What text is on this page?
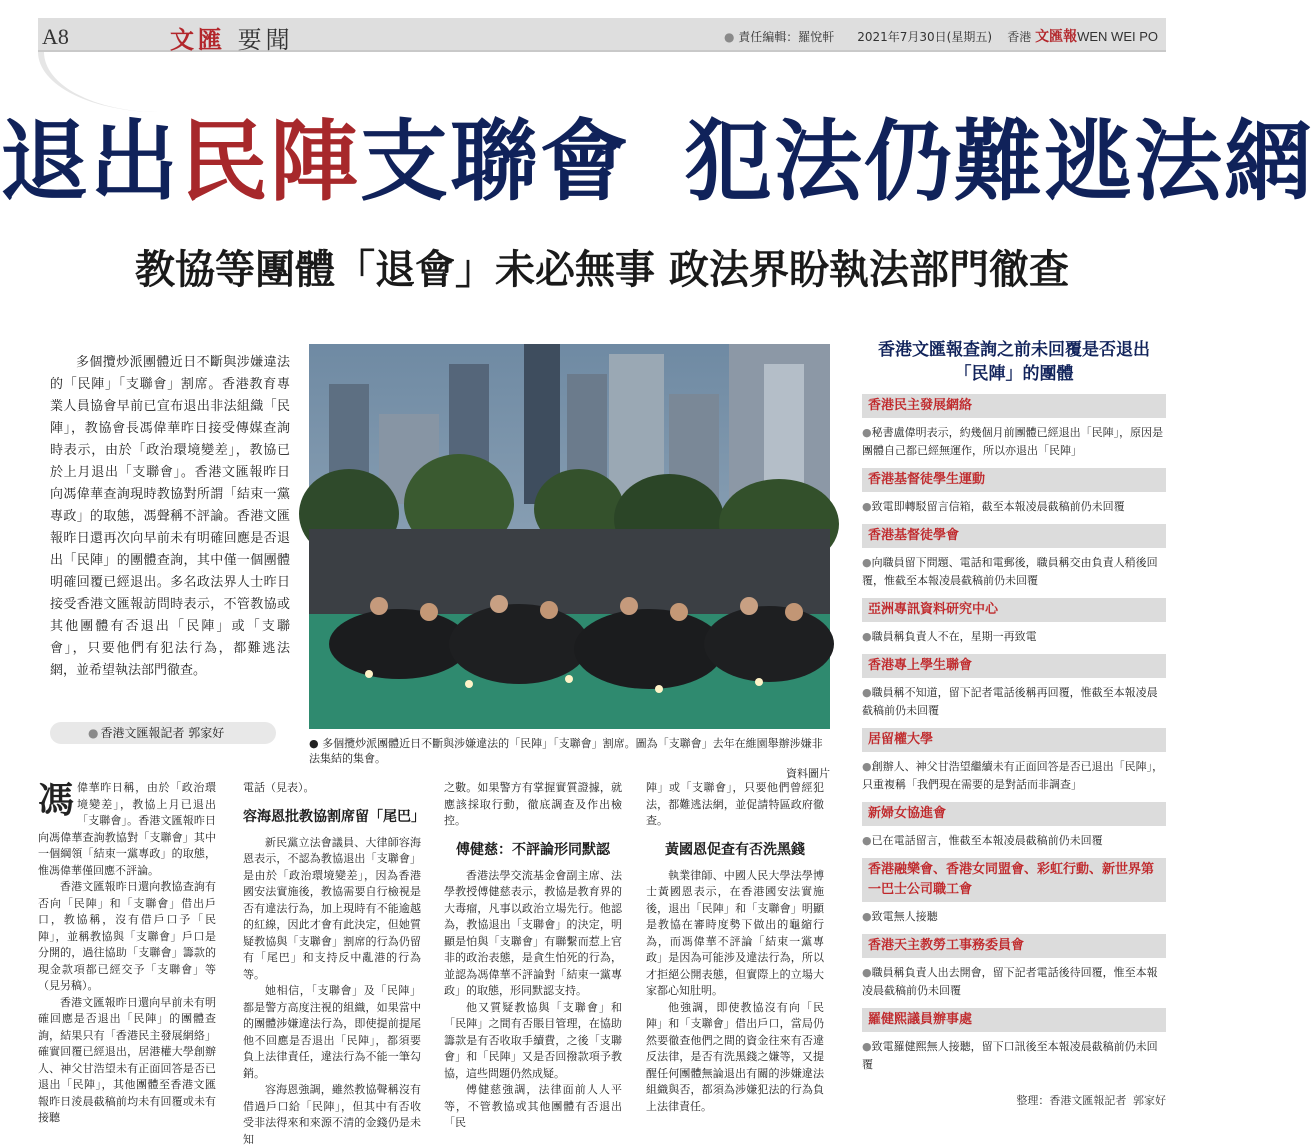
A8	文匯 要聞	● 責任編輯：羅悅軒 2021年7月30日(星期五) 香港 文匯報WEN WEI PO
退出民陣支聯會 犯法仍難逃法網
教協等團體「退會」未必無事 政法界盼執法部門徹查
多個攬炒派團體近日不斷與涉嫌違法的「民陣」「支聯會」割席。香港教育專業人員協會早前已宣布退出非法組織「民陣」，教協會長馮偉華昨日接受傳媒查詢時表示，由於「政治環境變差」，教協已於上月退出「支聯會」。香港文匯報昨日向馮偉華查詢現時教協對所謂「結束一黨專政」的取態，馮聲稱不評論。香港文匯報昨日還再次向早前未有明確回應是否退出「民陣」的團體查詢，其中僅一個團體明確回覆已經退出。多名政法界人士昨日接受香港文匯報訪問時表示，不管教協或其他團體有否退出「民陣」或「支聯會」，只要他們有犯法行為，都難逃法網，並希望執法部門徹查。
● 香港文匯報記者 郭家好
● 多個攬炒派團體近日不斷與涉嫌違法的「民陣」「支聯會」割席。圖為「支聯會」去年在維園舉辦涉嫌非法集結的集會。
資料圖片
香港文匯報查詢之前未回覆是否退出「民陣」的團體
香港民主發展網絡
●秘書盧偉明表示，約幾個月前團體已經退出「民陣」，原因是團體自己都已經無運作，所以亦退出「民陣」
香港基督徒學生運動
●致電即轉駁留言信箱，截至本報凌晨截稿前仍未回覆
香港基督徒學會
●向職員留下問題、電話和電郵後，職員稱交由負責人稍後回覆，惟截至本報凌晨截稿前仍未回覆
亞洲專訊資料研究中心
●職員稱負責人不在，星期一再致電
香港專上學生聯會
●職員稱不知道，留下記者電話後稱再回覆，惟截至本報凌晨截稿前仍未回覆
居留權大學
●創辦人、神父甘浩望繼續未有正面回答是否已退出「民陣」，只重複稱「我們現在需要的是對話而非調查」
新婦女協進會
●已在電話留言，惟截至本報凌晨截稿前仍未回覆
香港融樂會、香港女同盟會、彩虹行動、新世界第一巴士公司職工會
●致電無人接聽
香港天主教勞工事務委員會
●職員稱負責人出去開會，留下記者電話後待回覆，惟至本報凌晨截稿前仍未回覆
羅健熙議員辦事處
●致電羅健熙無人接聽，留下口訊後至本報凌晨截稿前仍未回覆
整理：香港文匯報記者 郭家好

馮偉華昨日稱，由於「政治環境變差」，教協上月已退出「支聯會」。香港文匯報昨日向馮偉華查詢教協對「支聯會」其中一個綱領「結束一黨專政」的取態，惟馮偉華僅回應不評論。

香港文匯報昨日還向教協查詢有否向「民陣」和「支聯會」借出戶口，教協稱，沒有借戶口予「民陣」，並稱教協與「支聯會」戶口是分開的，過往協助「支聯會」籌款的現金款項都已經交予「支聯會」等（見另稿）。

香港文匯報昨日還向早前未有明確回應是否退出「民陣」的團體查詢，結果只有「香港民主發展網絡」確實回覆已經退出，居港權大學創辦人、神父甘浩望未有正面回答是否已退出「民陣」，其他團體至香港文匯報昨日淩晨截稿前均未有回覆或未有接聽

電話（見表）。

容海恩批教協割席留「尾巴」

新民黨立法會議員、大律師容海恩表示，不認為教協退出「支聯會」是由於「政治環境變差」，因為香港國安法實施後，教協需要自行檢視是否有違法行為，加上現時有不能逾越的紅線，因此才會有此決定，但她質疑教協與「支聯會」割席的行為仍留有「尾巴」和支持反中亂港的行為等。

她相信，「支聯會」及「民陣」都是警方高度注視的組織，如果當中的團體涉嫌違法行為，即使提前提尾他不回應是否退出「民陣」，都須要負上法律責任，違法行為不能一筆勾銷。

容海恩強調，雖然教協聲稱沒有借過戶口給「民陣」，但其中有否收受非法得來和來源不清的金錢仍是未知

之數。如果警方有掌握實質證據，就應該採取行動，徹底調查及作出檢控。

傅健慈：不評論形同默認

香港法學交流基金會副主席、法學教授傅健慈表示，教協是教育界的大毒瘤，凡事以政治立場先行。他認為，教協退出「支聯會」的決定，明顯是怕與「支聯會」有聯繫而惹上官非的政治表態，是貪生怕死的行為，並認為馮偉華不評論對「結束一黨專政」的取態，形同默認支持。

他又質疑教協與「支聯會」和「民陣」之間有否賬目管理，在協助籌款是有否收取手續費，之後「支聯會」和「民陣」又是否回撥款項予教協，這些問題仍然成疑。

傅健慈強調，法律面前人人平等，不管教協或其他團體有否退出「民

陣」或「支聯會」，只要他們曾經犯法，都難逃法網，並促請特區政府徹查。

黃國恩促查有否洗黑錢

執業律師、中國人民大學法學博士黃國恩表示，在香港國安法實施後，退出「民陣」和「支聯會」明顯是教協在審時度勢下做出的龜縮行為，而馮偉華不評論「結束一黨專政」是因為可能涉及違法行為，所以才拒絕公開表態，但實際上的立場大家都心知肚明。

他強調，即使教協沒有向「民陣」和「支聯會」借出戶口，當局仍然要徹查他們之間的資金往來有否違反法律，是否有洗黑錢之嫌等，又提醒任何團體無論退出有關的涉嫌違法組織與否，都須為涉嫌犯法的行為負上法律責任。
